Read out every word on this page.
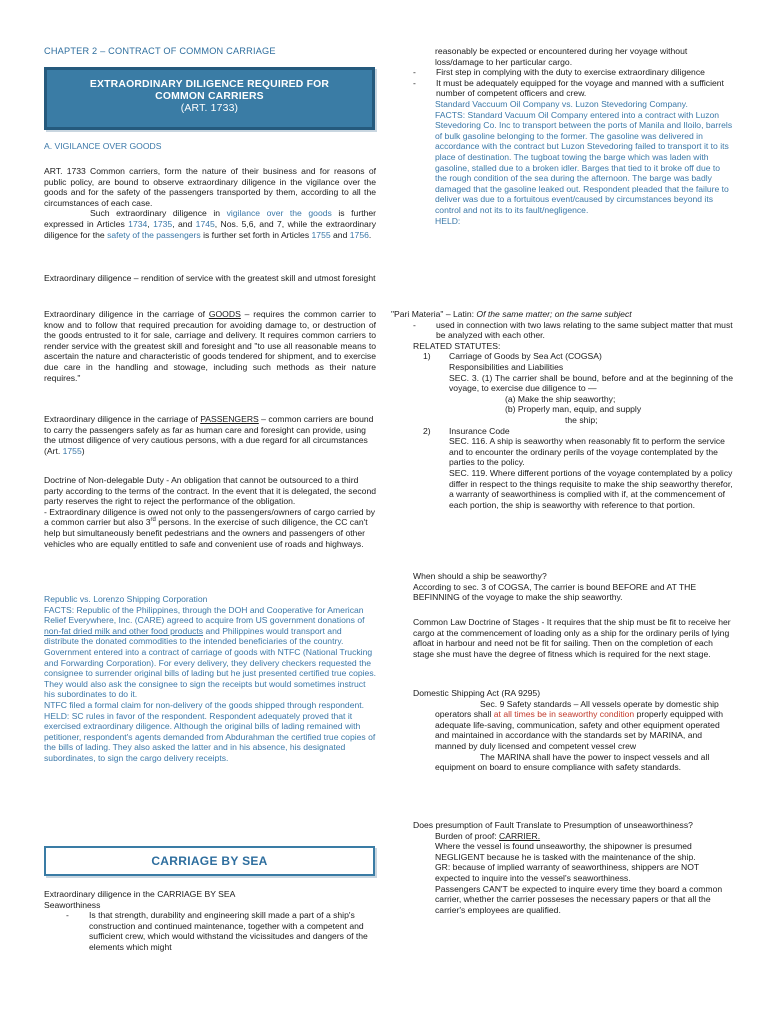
CHAPTER 2 – CONTRACT OF COMMON CARRIAGE
EXTRAORDINARY DILIGENCE REQUIRED FOR
COMMON CARRIERS
(ART. 1733)
A. VIGILANCE OVER GOODS
ART. 1733 Common carriers, form the nature of their business and for reasons of public policy, are bound to observe extraordinary diligence in the vigilance over the goods and for the safety of the passengers transported by them, according to all the circumstances of each case.

Such extraordinary diligence in vigilance over the goods is further expressed in Articles 1734, 1735, and 1745, Nos. 5,6, and 7, while the extraordinary diligence for the safety of the passengers is further set forth in Articles 1755 and 1756.

Extraordinary diligence – rendition of service with the greatest skill and utmost foresight
Extraordinary diligence in the carriage of GOODS – requires the common carrier to know and to follow that required precaution for avoiding damage to, or destruction of the goods entrusted to it for sale, carriage and delivery. It requires common carriers to render service with the greatest skill and foresight and "to use all reasonable means to ascertain the nature and characteristic of goods tendered for shipment, and to exercise due care in the handling and stowage, including such methods as their nature requires."
Extraordinary diligence in the carriage of PASSENGERS – common carriers are bound to carry the passengers safely as far as human care and foresight can provide, using the utmost diligence of very cautious persons, with a due regard for all circumstances (Art. 1755)

Doctrine of Non-delegable Duty - An obligation that cannot be outsourced to a third party according to the terms of the contract. In the event that it is delegated, the second party reserves the right to reject the performance of the obligation.

- Extraordinary diligence is owed not only to the passengers/owners of cargo carried by a common carrier but also 3rd persons. In the exercise of such diligence, the CC can't help but simultaneously benefit pedestrians and the owners and passengers of other vehicles who are equally entitled to safe and convenient use of roads and highways.

Republic vs. Lorenzo Shipping Corporation

FACTS: Republic of the Philippines, through the DOH and Cooperative for American Relief Everywhere, Inc. (CARE) agreed to acquire from US government donations of non-fat dried milk and other food products and Philippines would transport and distribute the donated commodities to the intended beneficiaries of the country.

Government entered into a contract of carriage of goods with NTFC (National Trucking and Forwarding Corporation). For every delivery, they delivery checkers requested the consignee to surrender original bills of lading but he just presented certified true copies. They would also ask the consignee to sign the receipts but would sometimes instruct his subordinates to do it.

NTFC filed a formal claim for non-delivery of the goods shipped through respondent.

HELD: SC rules in favor of the respondent. Respondent adequately proved that it exercised extraordinary diligence. Although the original bills of lading remained with petitioner, respondent's agents demanded from Abdurahman the certified true copies of the bills of lading. They also asked the latter and in his absence, his designated subordinates, to sign the cargo delivery receipts.

CARRIAGE BY SEA

Extraordinary diligence in the CARRIAGE BY SEA

Seaworthiness

- Is that strength, durability and engineering skill made a part of a ship's construction and continued maintenance, together with a competent and sufficient crew, which would withstand the vicissitudes and dangers of the elements which might

reasonably be expected or encountered during her voyage without loss/damage to her particular cargo.

- First step in complying with the duty to exercise extraordinary diligence

- It must be adequately equipped for the voyage and manned with a sufficient number of competent officers and crew.

Standard Vaccuum Oil Company vs. Luzon Stevedoring Company.

FACTS: Standard Vacuum Oil Company entered into a contract with Luzon Stevedoring Co. Inc to transport between the ports of Manila and Iloilo, barrels of bulk gasoline belonging to the former. The gasoline was delivered in accordance with the contract but Luzon Stevedoring failed to transport it to its place of destination. The tugboat towing the barge which was laden with gasoline, stalled due to a broken idler. Barges that tied to it broke off due to the rough condition of the sea during the afternoon. The barge was badly damaged that the gasoline leaked out. Respondent pleaded that the failure to deliver was due to a fortuitous event/caused by circumstances beyond its control and not its to its fault/negligence.

HELD:

"Pari Materia" – Latin: Of the same matter; on the same subject

- used in connection with two laws relating to the same subject matter that must be analyzed with each other.

RELATED STATUTES:

1) Carriage of Goods by Sea Act (COGSA)

Responsibilities and Liabilities

SEC. 3. (1) The carrier shall be bound, before and at the beginning of the voyage, to exercise due diligence to —

(a) Make the ship seaworthy;

(b) Properly man, equip, and supply

the ship;

2) Insurance Code

SEC. 116. A ship is seaworthy when reasonably fit to perform the service and to encounter the ordinary perils of the voyage contemplated by the parties to the policy.

SEC. 119. Where different portions of the voyage contemplated by a policy differ in respect to the things requisite to make the ship seaworthy therefor, a warranty of seaworthiness is complied with if, at the commencement of each portion, the ship is seaworthy with reference to that portion.

When should a ship be seaworthy?

According to sec. 3 of COGSA, The carrier is bound BEFORE and AT THE BEFINNING of the voyage to make the ship seaworthy.

Common Law Doctrine of Stages - It requires that the ship must be fit to receive her cargo at the commencement of loading only as a ship for the ordinary perils of lying afloat in harbour and need not be fit for sailing. Then on the completion of each stage she must have the degree of fitness which is required for the next stage.

Domestic Shipping Act (RA 9295)

Sec. 9 Safety standards – All vessels operate by domestic ship operators shall at all times be in seaworthy condition properly equipped with adequate life-saving, communication, safety and other equipment operated and maintained in accordance with the standards set by MARINA, and manned by duly licensed and competent vessel crew

The MARINA shall have the power to inspect vessels and all equipment on board to ensure compliance with safety standards.

Does presumption of Fault Translate to Presumption of unseaworthiness?

Burden of proof: CARRIER.

Where the vessel is found unseaworthy, the shipowner is presumed NEGLIGENT because he is tasked with the maintenance of the ship.

GR: because of implied warranty of seaworthiness, shippers are NOT expected to inquire into the vessel's seaworthiness.

Passengers CAN'T be expected to inquire every time they board a common carrier, whether the carrier posseses the necessary papers or that all the carrier's employees are qualified.
